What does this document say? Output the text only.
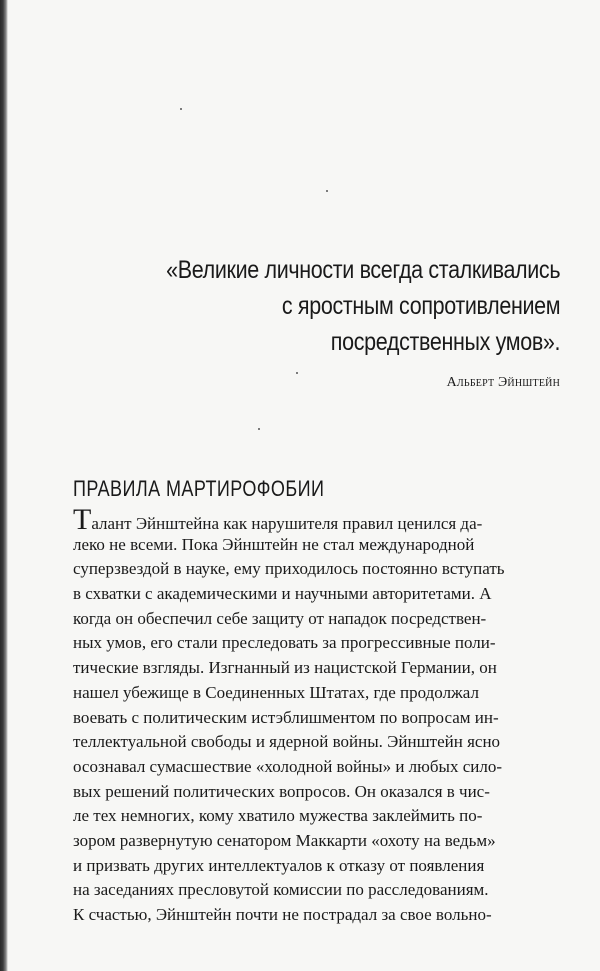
«Великие личности всегда сталкивались
с яростным сопротивлением
посредственных умов».
Альберт Эйнштейн
ПРАВИЛА МАРТИРОФОБИИ
Талант Эйнштейна как нарушителя правил ценился да-
леко не всеми. Пока Эйнштейн не стал международной
суперзвездой в науке, ему приходилось постоянно вступать
в схватки с академическими и научными авторитетами. А
когда он обеспечил себе защиту от нападок посредствен-
ных умов, его стали преследовать за прогрессивные поли-
тические взгляды. Изгнанный из нацистской Германии, он
нашел убежище в Соединенных Штатах, где продолжал
воевать с политическим истэблишментом по вопросам ин-
теллектуальной свободы и ядерной войны. Эйнштейн ясно
осознавал сумасшествие «холодной войны» и любых сило-
вых решений политических вопросов. Он оказался в чис-
ле тех немногих, кому хватило мужества заклеймить по-
зором развернутую сенатором Маккарти «охоту на ведьм»
и призвать других интеллектуалов к отказу от появления
на заседаниях пресловутой комиссии по расследованиям.
К счастью, Эйнштейн почти не пострадал за свое вольно-
